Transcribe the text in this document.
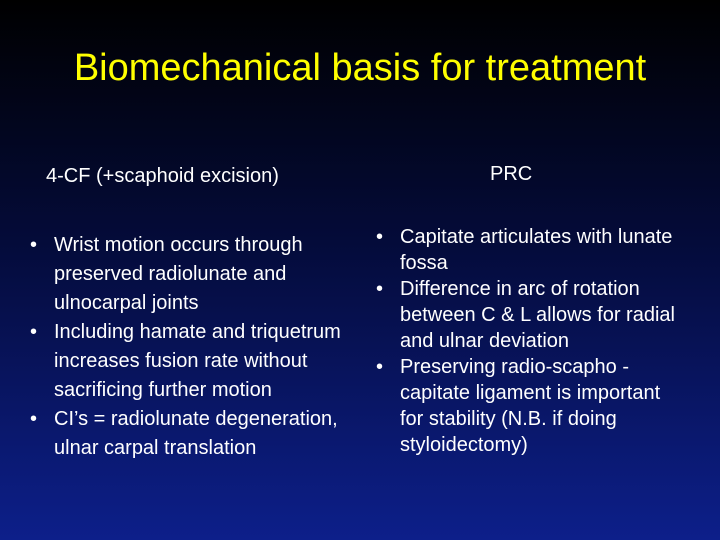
Biomechanical basis for treatment
4-CF (+scaphoid excision)	PRC
• Wrist motion occurs through preserved radiolunate and ulnocarpal joints
• Including hamate and triquetrum increases fusion rate without sacrificing further motion
• CI’s = radiolunate degeneration, ulnar carpal translation
• Capitate articulates with lunate fossa
• Difference in arc of rotation between C & L allows for radial and ulnar deviation
• Preserving radio-scapho -capitate ligament is important for stability (N.B. if doing styloidectomy)
